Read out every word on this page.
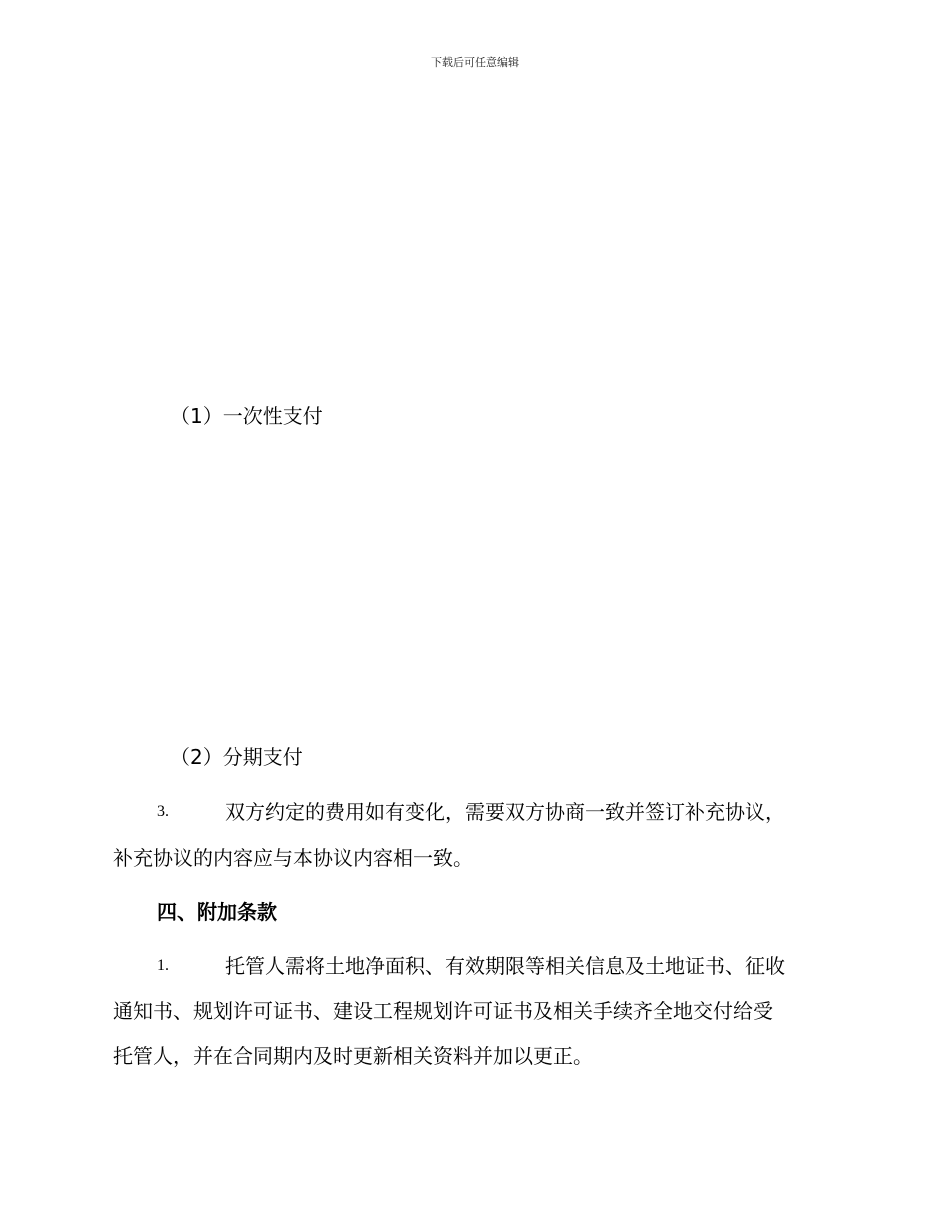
下载后可任意编辑
（1）一次性支付
（2）分期支付
3.	双方约定的费用如有变化，需要双方协商一致并签订补充协议，
补充协议的内容应与本协议内容相一致。
四、附加条款
1.	托管人需将土地净面积、有效期限等相关信息及土地证书、征收
通知书、规划许可证书、建设工程规划许可证书及相关手续齐全地交付给受
托管人，并在合同期内及时更新相关资料并加以更正。
